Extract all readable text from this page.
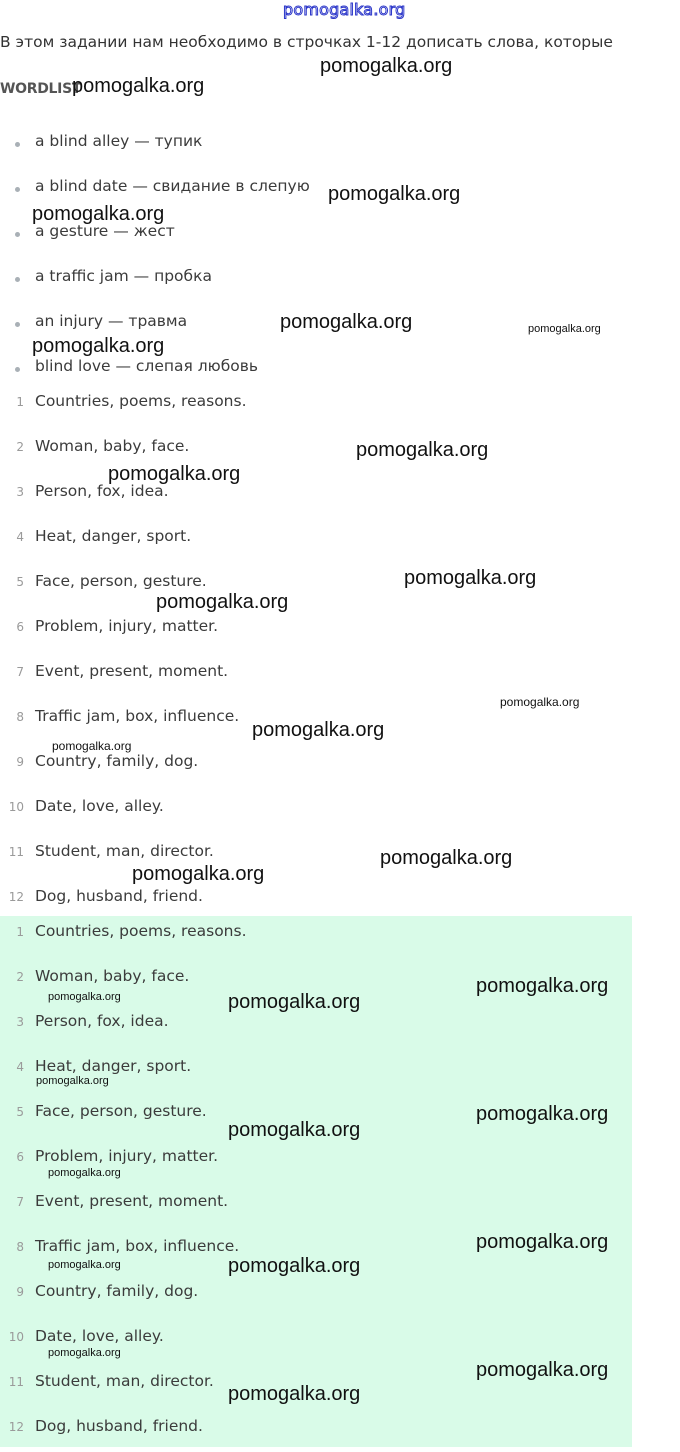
pomogalka.org
В этом задании нам необходимо в строчках 1-12 дописать слова, которые
WORDLIST
a blind alley — тупик
a blind date — свидание в слепую
a gesture — жест
a traffic jam — пробка
an injury — травма
blind love — слепая любовь
1 Countries, poems, reasons.
2 Woman, baby, face.
3 Person, fox, idea.
4 Heat, danger, sport.
5 Face, person, gesture.
6 Problem, injury, matter.
7 Event, present, moment.
8 Traffic jam, box, influence.
9 Country, family, dog.
10 Date, love, alley.
11 Student, man, director.
12 Dog, husband, friend.
1 Countries, poems, reasons.
2 Woman, baby, face.
3 Person, fox, idea.
4 Heat, danger, sport.
5 Face, person, gesture.
6 Problem, injury, matter.
7 Event, present, moment.
8 Traffic jam, box, influence.
9 Country, family, dog.
10 Date, love, alley.
11 Student, man, director.
12 Dog, husband, friend.
pomogalka.org
pomogalka.org
pomogalka.org
pomogalka.org
pomogalka.org	pomogalka.org
pomogalka.org
pomogalka.org
pomogalka.org
pomogalka.org
pomogalka.org
pomogalka.org
pomogalka.org
pomogalka.org
pomogalka.org
pomogalka.org
pomogalka.org
pomogalka.org	pomogalka.org
pomogalka.org
pomogalka.org
pomogalka.org
pomogalka.org
pomogalka.org
pomogalka.org	pomogalka.org
pomogalka.org
pomogalka.org
pomogalka.org
